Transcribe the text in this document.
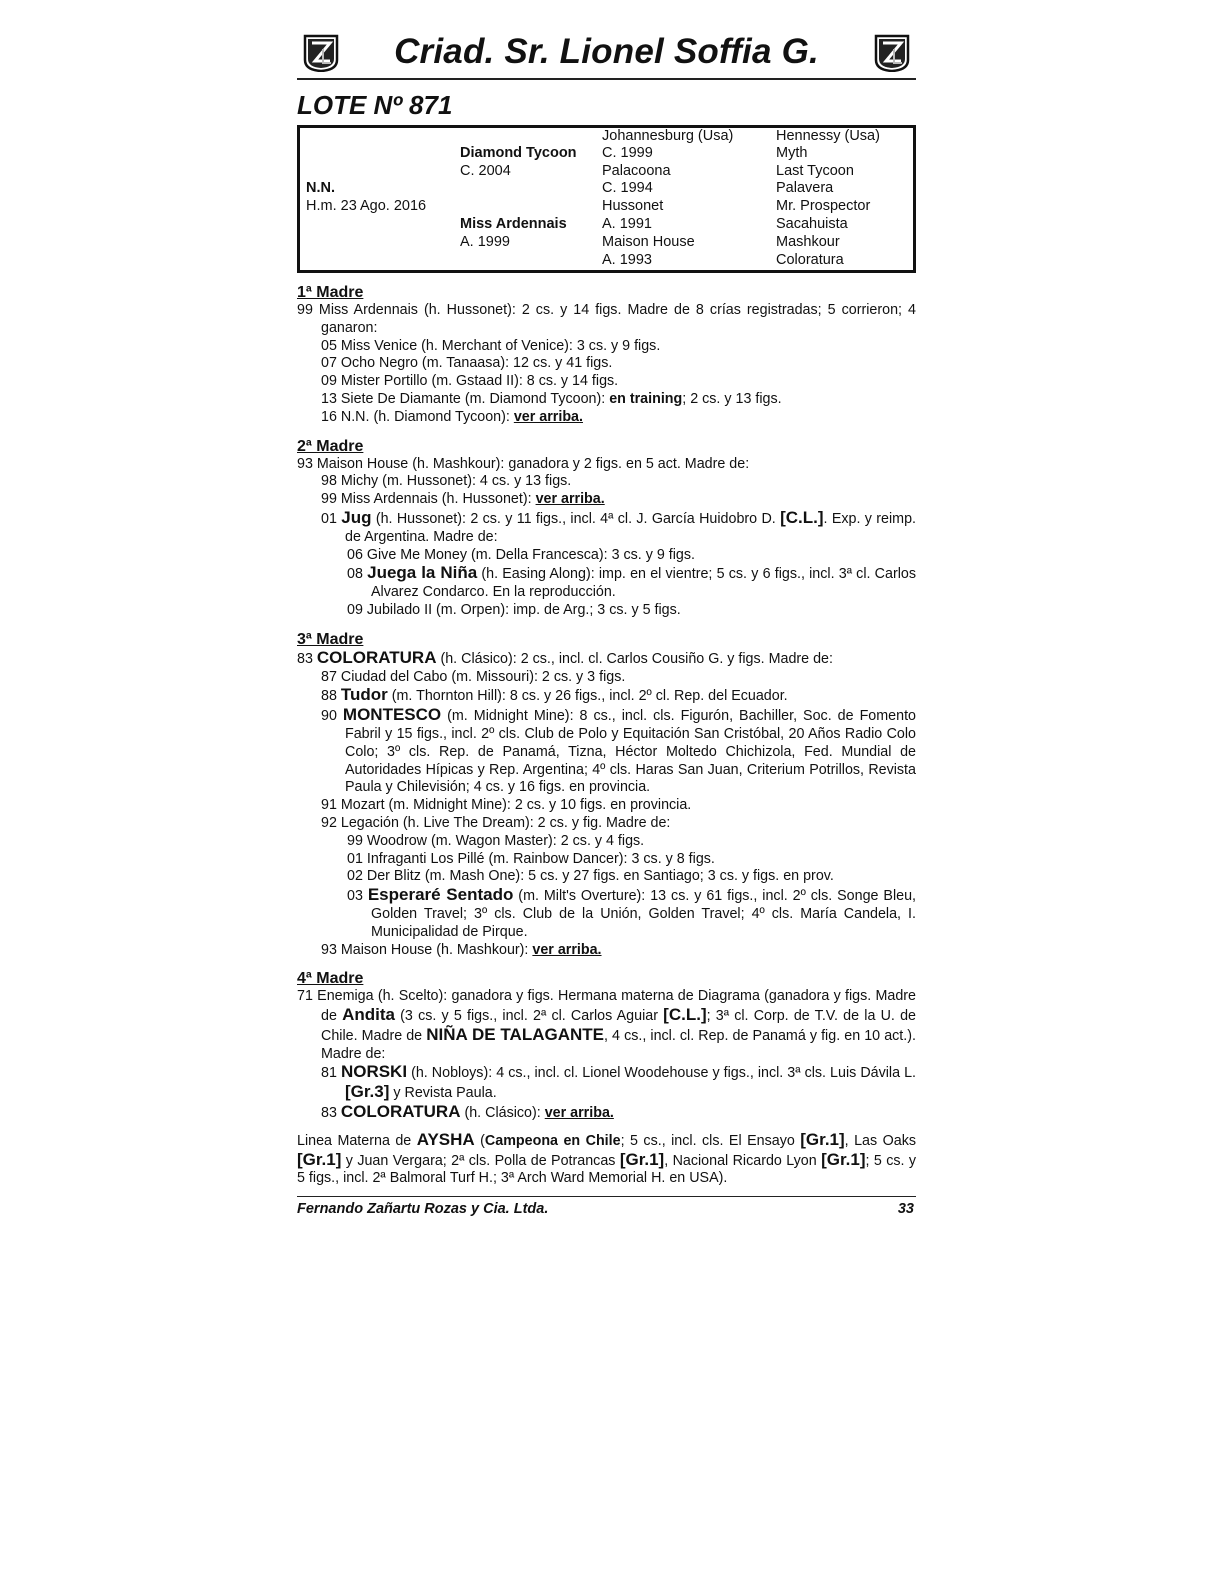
Criad. Sr. Lionel Soffia G.
LOTE Nº 871
N.N.
H.m. 23 Ago. 2016
Diamond Tycoon
C. 2004
Miss Ardennais
A. 1999
Johannesburg (Usa)
C. 1999
Palacoona
C. 1994
Hussonet
A. 1991
Maison House
A. 1993
Hennessy (Usa)
Myth
Last Tycoon
Palavera
Mr. Prospector
Sacahuista
Mashkour
Coloratura
1ª Madre
99 Miss Ardennais (h. Hussonet): 2 cs. y 14 figs. Madre de 8 crías registradas; 5 corrieron; 4 ganaron:
05 Miss Venice (h. Merchant of Venice): 3 cs. y 9 figs.
07 Ocho Negro (m. Tanaasa): 12 cs. y 41 figs.
09 Mister Portillo (m. Gstaad II): 8 cs. y 14 figs.
13 Siete De Diamante (m. Diamond Tycoon): en training; 2 cs. y 13 figs.
16 N.N. (h. Diamond Tycoon): ver arriba.
2ª Madre
93 Maison House (h. Mashkour): ganadora y 2 figs. en 5 act. Madre de:
98 Michy (m. Hussonet): 4 cs. y 13 figs.
99 Miss Ardennais (h. Hussonet): ver arriba.
01 Jug (h. Hussonet): 2 cs. y 11 figs., incl. 4ª cl. J. García Huidobro D. [C.L.]. Exp. y reimp. de Argentina. Madre de:
06 Give Me Money (m. Della Francesca): 3 cs. y 9 figs.
08 Juega la Niña (h. Easing Along): imp. en el vientre; 5 cs. y 6 figs., incl. 3ª cl. Carlos Alvarez Condarco. En la reproducción.
09 Jubilado II (m. Orpen): imp. de Arg.; 3 cs. y 5 figs.
3ª Madre
83 COLORATURA (h. Clásico): 2 cs., incl. cl. Carlos Cousiño G. y figs. Madre de:
87 Ciudad del Cabo (m. Missouri): 2 cs. y 3 figs.
88 Tudor (m. Thornton Hill): 8 cs. y 26 figs., incl. 2º cl. Rep. del Ecuador.
90 MONTESCO (m. Midnight Mine): 8 cs., incl. cls. Figurón, Bachiller, Soc. de Fomento Fabril y 15 figs., incl. 2º cls. Club de Polo y Equitación San Cristóbal, 20 Años Radio Colo Colo; 3º cls. Rep. de Panamá, Tizna, Héctor Moltedo Chichizola, Fed. Mundial de Autoridades Hípicas y Rep. Argentina; 4º cls. Haras San Juan, Criterium Potrillos, Revista Paula y Chilevisión; 4 cs. y 16 figs. en provincia.
91 Mozart (m. Midnight Mine): 2 cs. y 10 figs. en provincia.
92 Legación (h. Live The Dream): 2 cs. y fig. Madre de:
99 Woodrow (m. Wagon Master): 2 cs. y 4 figs.
01 Infraganti Los Pillé (m. Rainbow Dancer): 3 cs. y 8 figs.
02 Der Blitz (m. Mash One): 5 cs. y 27 figs. en Santiago; 3 cs. y figs. en prov.
03 Esperaré Sentado (m. Milt's Overture): 13 cs. y 61 figs., incl. 2º cls. Songe Bleu, Golden Travel; 3º cls. Club de la Unión, Golden Travel; 4º cls. María Candela, I. Municipalidad de Pirque.
93 Maison House (h. Mashkour): ver arriba.
4ª Madre
71 Enemiga (h. Scelto): ganadora y figs. Hermana materna de Diagrama (ganadora y figs. Madre de Andita (3 cs. y 5 figs., incl. 2ª cl. Carlos Aguiar [C.L.]; 3ª cl. Corp. de T.V. de la U. de Chile. Madre de NIÑA DE TALAGANTE, 4 cs., incl. cl. Rep. de Panamá y fig. en 10 act.). Madre de:
81 NORSKI (h. Nobloys): 4 cs., incl. cl. Lionel Woodehouse y figs., incl. 3ª cls. Luis Dávila L. [Gr.3] y Revista Paula.
83 COLORATURA (h. Clásico): ver arriba.
Linea Materna de AYSHA (Campeona en Chile; 5 cs., incl. cls. El Ensayo [Gr.1], Las Oaks [Gr.1] y Juan Vergara; 2ª cls. Polla de Potrancas [Gr.1], Nacional Ricardo Lyon [Gr.1]; 5 cs. y 5 figs., incl. 2ª Balmoral Turf H.; 3ª Arch Ward Memorial H. en USA).
Fernando Zañartu Rozas y Cia. Ltda.	33
